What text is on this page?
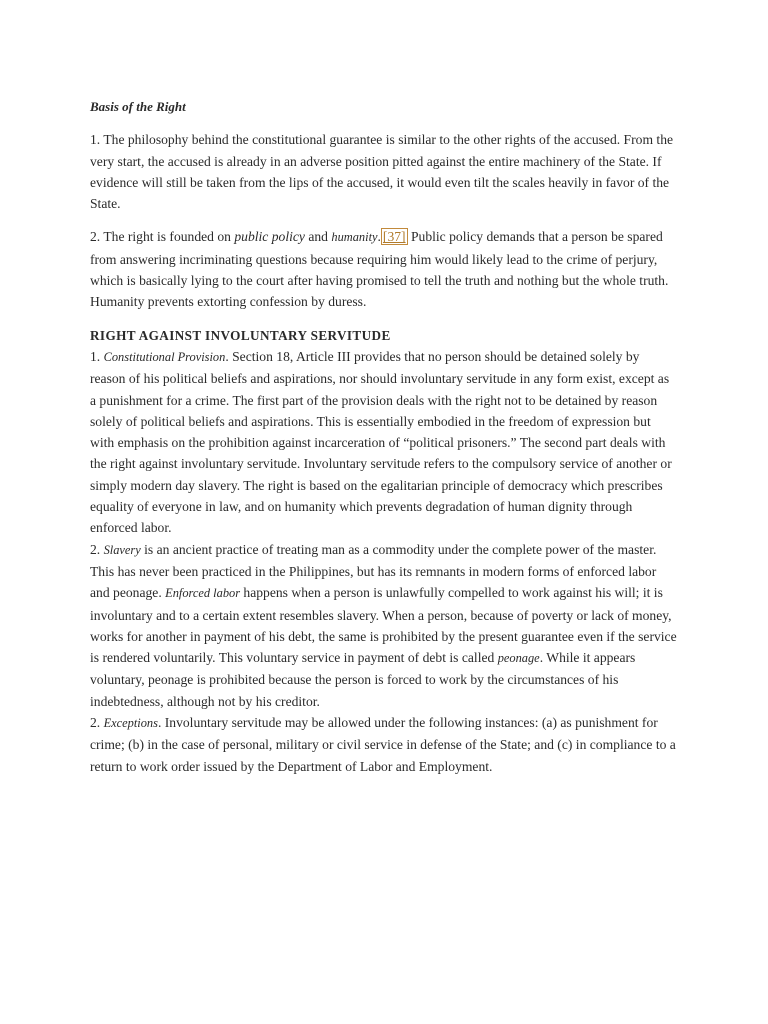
Basis of the Right

1. The philosophy behind the constitutional guarantee is similar to the other rights of the accused. From the very start, the accused is already in an adverse position pitted against the entire machinery of the State. If evidence will still be taken from the lips of the accused, it would even tilt the scales heavily in favor of the State.

2. The right is founded on public policy and humanity. [37] Public policy demands that a person be spared from answering incriminating questions because requiring him would likely lead to the crime of perjury, which is basically lying to the court after having promised to tell the truth and nothing but the whole truth. Humanity prevents extorting confession by duress.

RIGHT AGAINST INVOLUNTARY SERVITUDE

1. Constitutional Provision. Section 18, Article III provides that no person should be detained solely by reason of his political beliefs and aspirations, nor should involuntary servitude in any form exist, except as a punishment for a crime. The first part of the provision deals with the right not to be detained by reason solely of political beliefs and aspirations. This is essentially embodied in the freedom of expression but with emphasis on the prohibition against incarceration of “political prisoners.” The second part deals with the right against involuntary servitude. Involuntary servitude refers to the compulsory service of another or simply modern day slavery. The right is based on the egalitarian principle of democracy which prescribes equality of everyone in law, and on humanity which prevents degradation of human dignity through enforced labor.

2. Slavery is an ancient practice of treating man as a commodity under the complete power of the master. This has never been practiced in the Philippines, but has its remnants in modern forms of enforced labor and peonage. Enforced labor happens when a person is unlawfully compelled to work against his will; it is involuntary and to a certain extent resembles slavery. When a person, because of poverty or lack of money, works for another in payment of his debt, the same is prohibited by the present guarantee even if the service is rendered voluntarily. This voluntary service in payment of debt is called peonage. While it appears voluntary, peonage is prohibited because the person is forced to work by the circumstances of his indebtedness, although not by his creditor.

2. Exceptions. Involuntary servitude may be allowed under the following instances: (a) as punishment for crime; (b) in the case of personal, military or civil service in defense of the State; and (c) in compliance to a return to work order issued by the Department of Labor and Employment.
